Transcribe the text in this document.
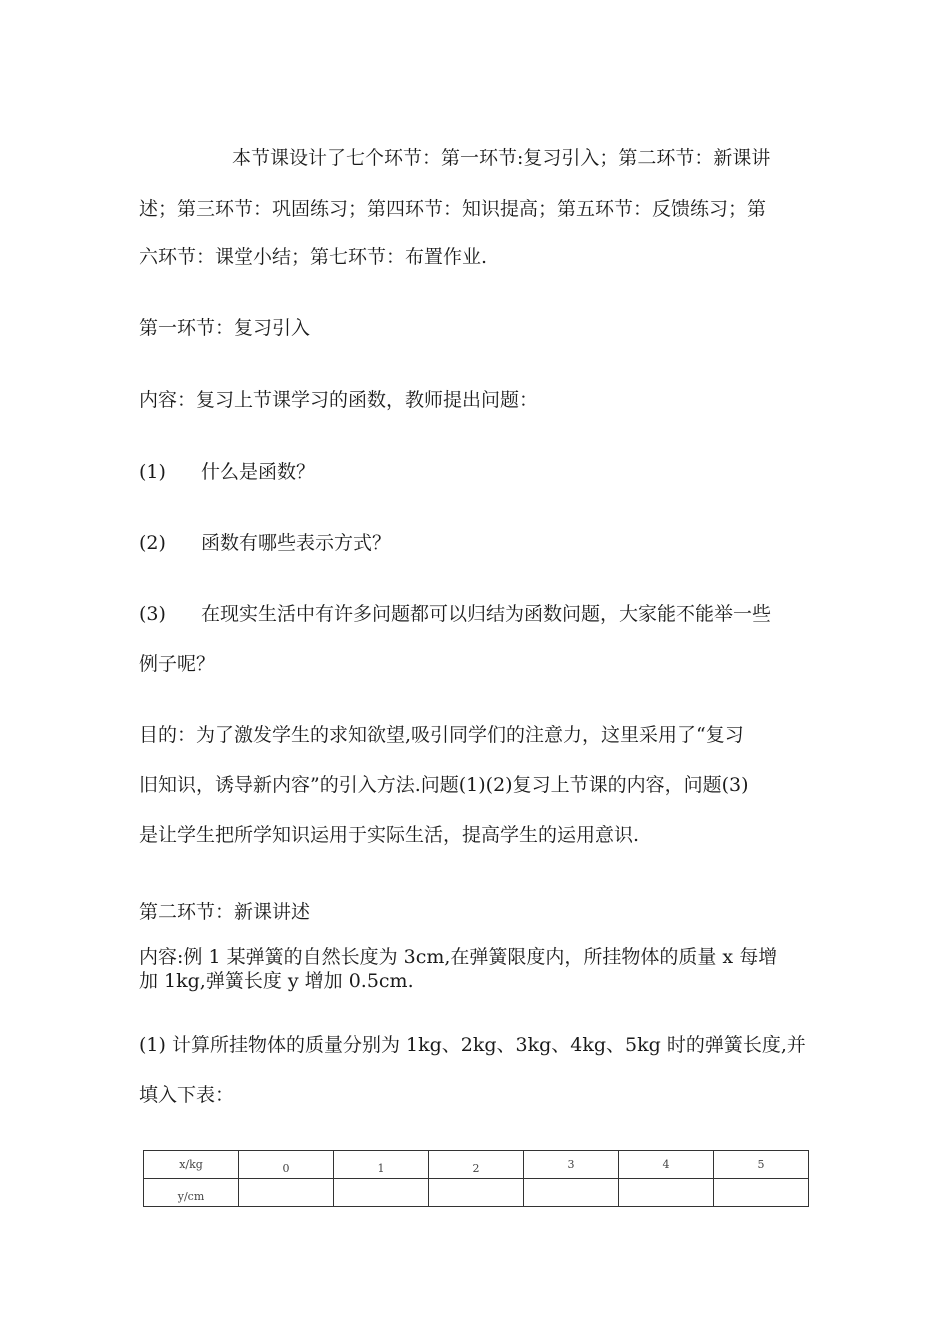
本节课设计了七个环节：第一环节:复习引入；第二环节：新课讲

述；第三环节：巩固练习；第四环节：知识提高；第五环节：反馈练习；第

六环节：课堂小结；第七环节：布置作业.

第一环节：复习引入

内容：复习上节课学习的函数，教师提出问题：

(1) 什么是函数？

(2) 函数有哪些表示方式？

(3) 在现实生活中有许多问题都可以归结为函数问题，大家能不能举一些

例子呢？

目的：为了激发学生的求知欲望,吸引同学们的注意力，这里采用了“复习

旧知识，诱导新内容”的引入方法.问题(1)(2)复习上节课的内容，问题(3)

是让学生把所学知识运用于实际生活，提高学生的运用意识.

第二环节：新课讲述

内容:例 1 某弹簧的自然长度为 3cm,在弹簧限度内，所挂物体的质量 x 每增

加 1kg,弹簧长度 y 增加 0.5cm.

(1) 计算所挂物体的质量分别为 1kg、2kg、3kg、4kg、5kg 时的弹簧长度,并

填入下表：

x/kg	0	1	2	3	4	5
y/cm						
